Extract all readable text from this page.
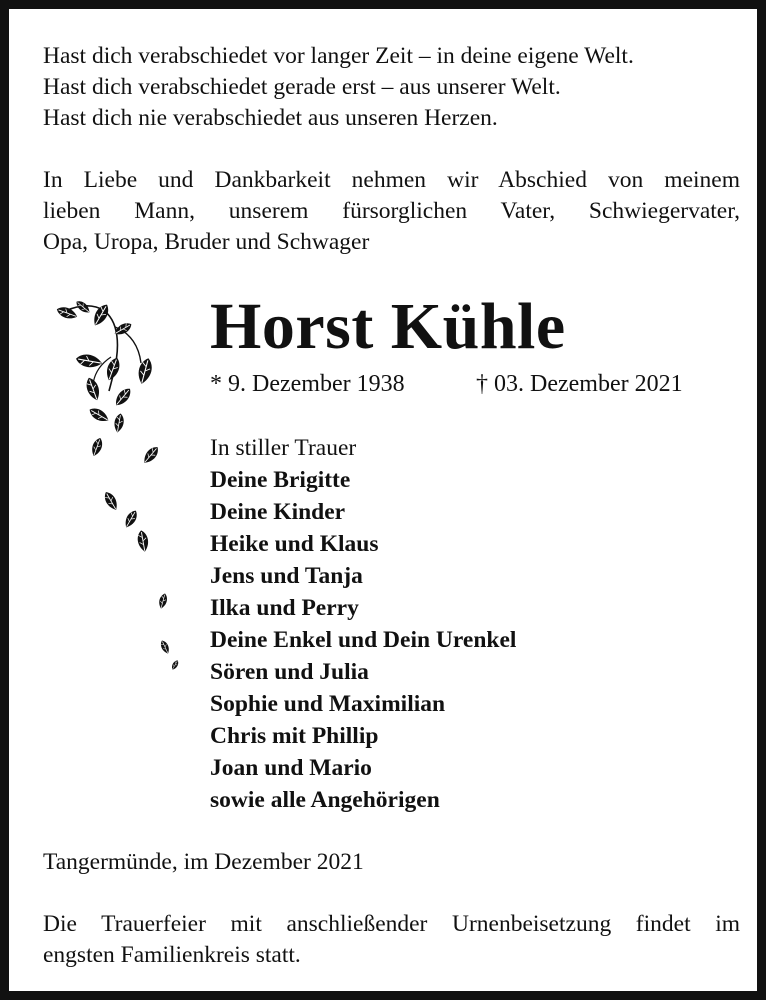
Hast dich verabschiedet vor langer Zeit – in deine eigene Welt.
Hast dich verabschiedet gerade erst – aus unserer Welt.
Hast dich nie verabschiedet aus unseren Herzen.
In Liebe und Dankbarkeit nehmen wir Abschied von meinem
lieben Mann, unserem fürsorglichen Vater, Schwiegervater,
Opa, Uropa, Bruder und Schwager
Horst Kühle
* 9. Dezember 1938	† 03. Dezember 2021
In stiller Trauer
Deine Brigitte
Deine Kinder
Heike und Klaus
Jens und Tanja
Ilka und Perry
Deine Enkel und Dein Urenkel
Sören und Julia
Sophie und Maximilian
Chris mit Phillip
Joan und Mario
sowie alle Angehörigen
Tangermünde, im Dezember 2021
Die Trauerfeier mit anschließender Urnenbeisetzung findet im
engsten Familienkreis statt.
